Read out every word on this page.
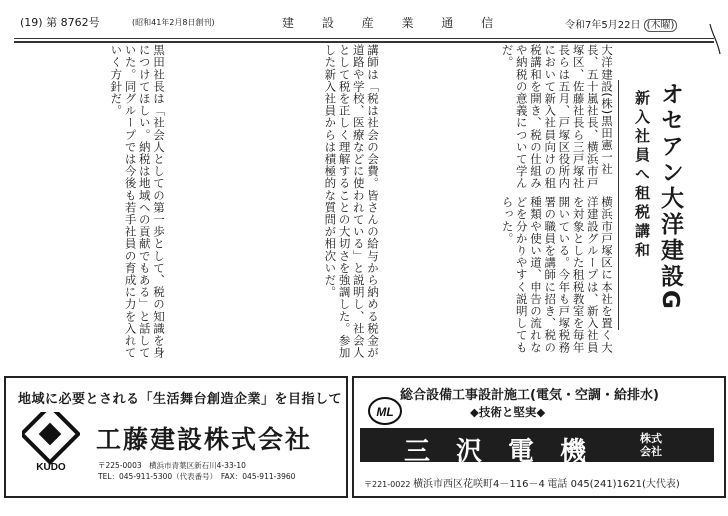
(19) 第 8762号	(昭和41年2月8日創刊)	建 設 産 業 通 信	令和7年5月22日 (木曜)
オセアン大洋建設G
新入社員へ租税講和
大洋建設(株)黒田憲一社長、五十嵐社長、横浜市戸塚区、佐藤社長ら三戸塚社長らは五月、戸塚区役所内において新入社員向けの租税講和を開き、税の仕組みや納税の意義について学んだ。
横浜市戸塚区に本社を置く大洋建設グループは、新入社員を対象とした租税教室を毎年開いている。今年も戸塚税務署の職員を講師に招き、税の種類や使い道、申告の流れなどを分かりやすく説明してもらった。
講師は「税は社会の会費。皆さんの給与から納める税金が道路や学校、医療などに使われている」と説明し、社会人として税を正しく理解することの大切さを強調した。参加した新入社員からは積極的な質問が相次いだ。
黒田社長は「社会人としての第一歩として、税の知識を身につけてほしい。納税は地域への貢献でもある」と話していた。同グループでは今後も若手社員の育成に力を入れていく方針だ。
地域に必要とされる「生活舞台創造企業」を目指して
KUDO
工藤建設株式会社
〒225-0003　横浜市青葉区新石川4-33-10
TEL：045-911-5300（代表番号）　FAX：045-911-3960
ML
総合設備工事設計施工(電気・空調・給排水)
◆技術と堅実◆
三沢電機	株式会社
〒221-0022 横浜市西区花咲町4－116－4 電話 045(241)1621(大代表)
